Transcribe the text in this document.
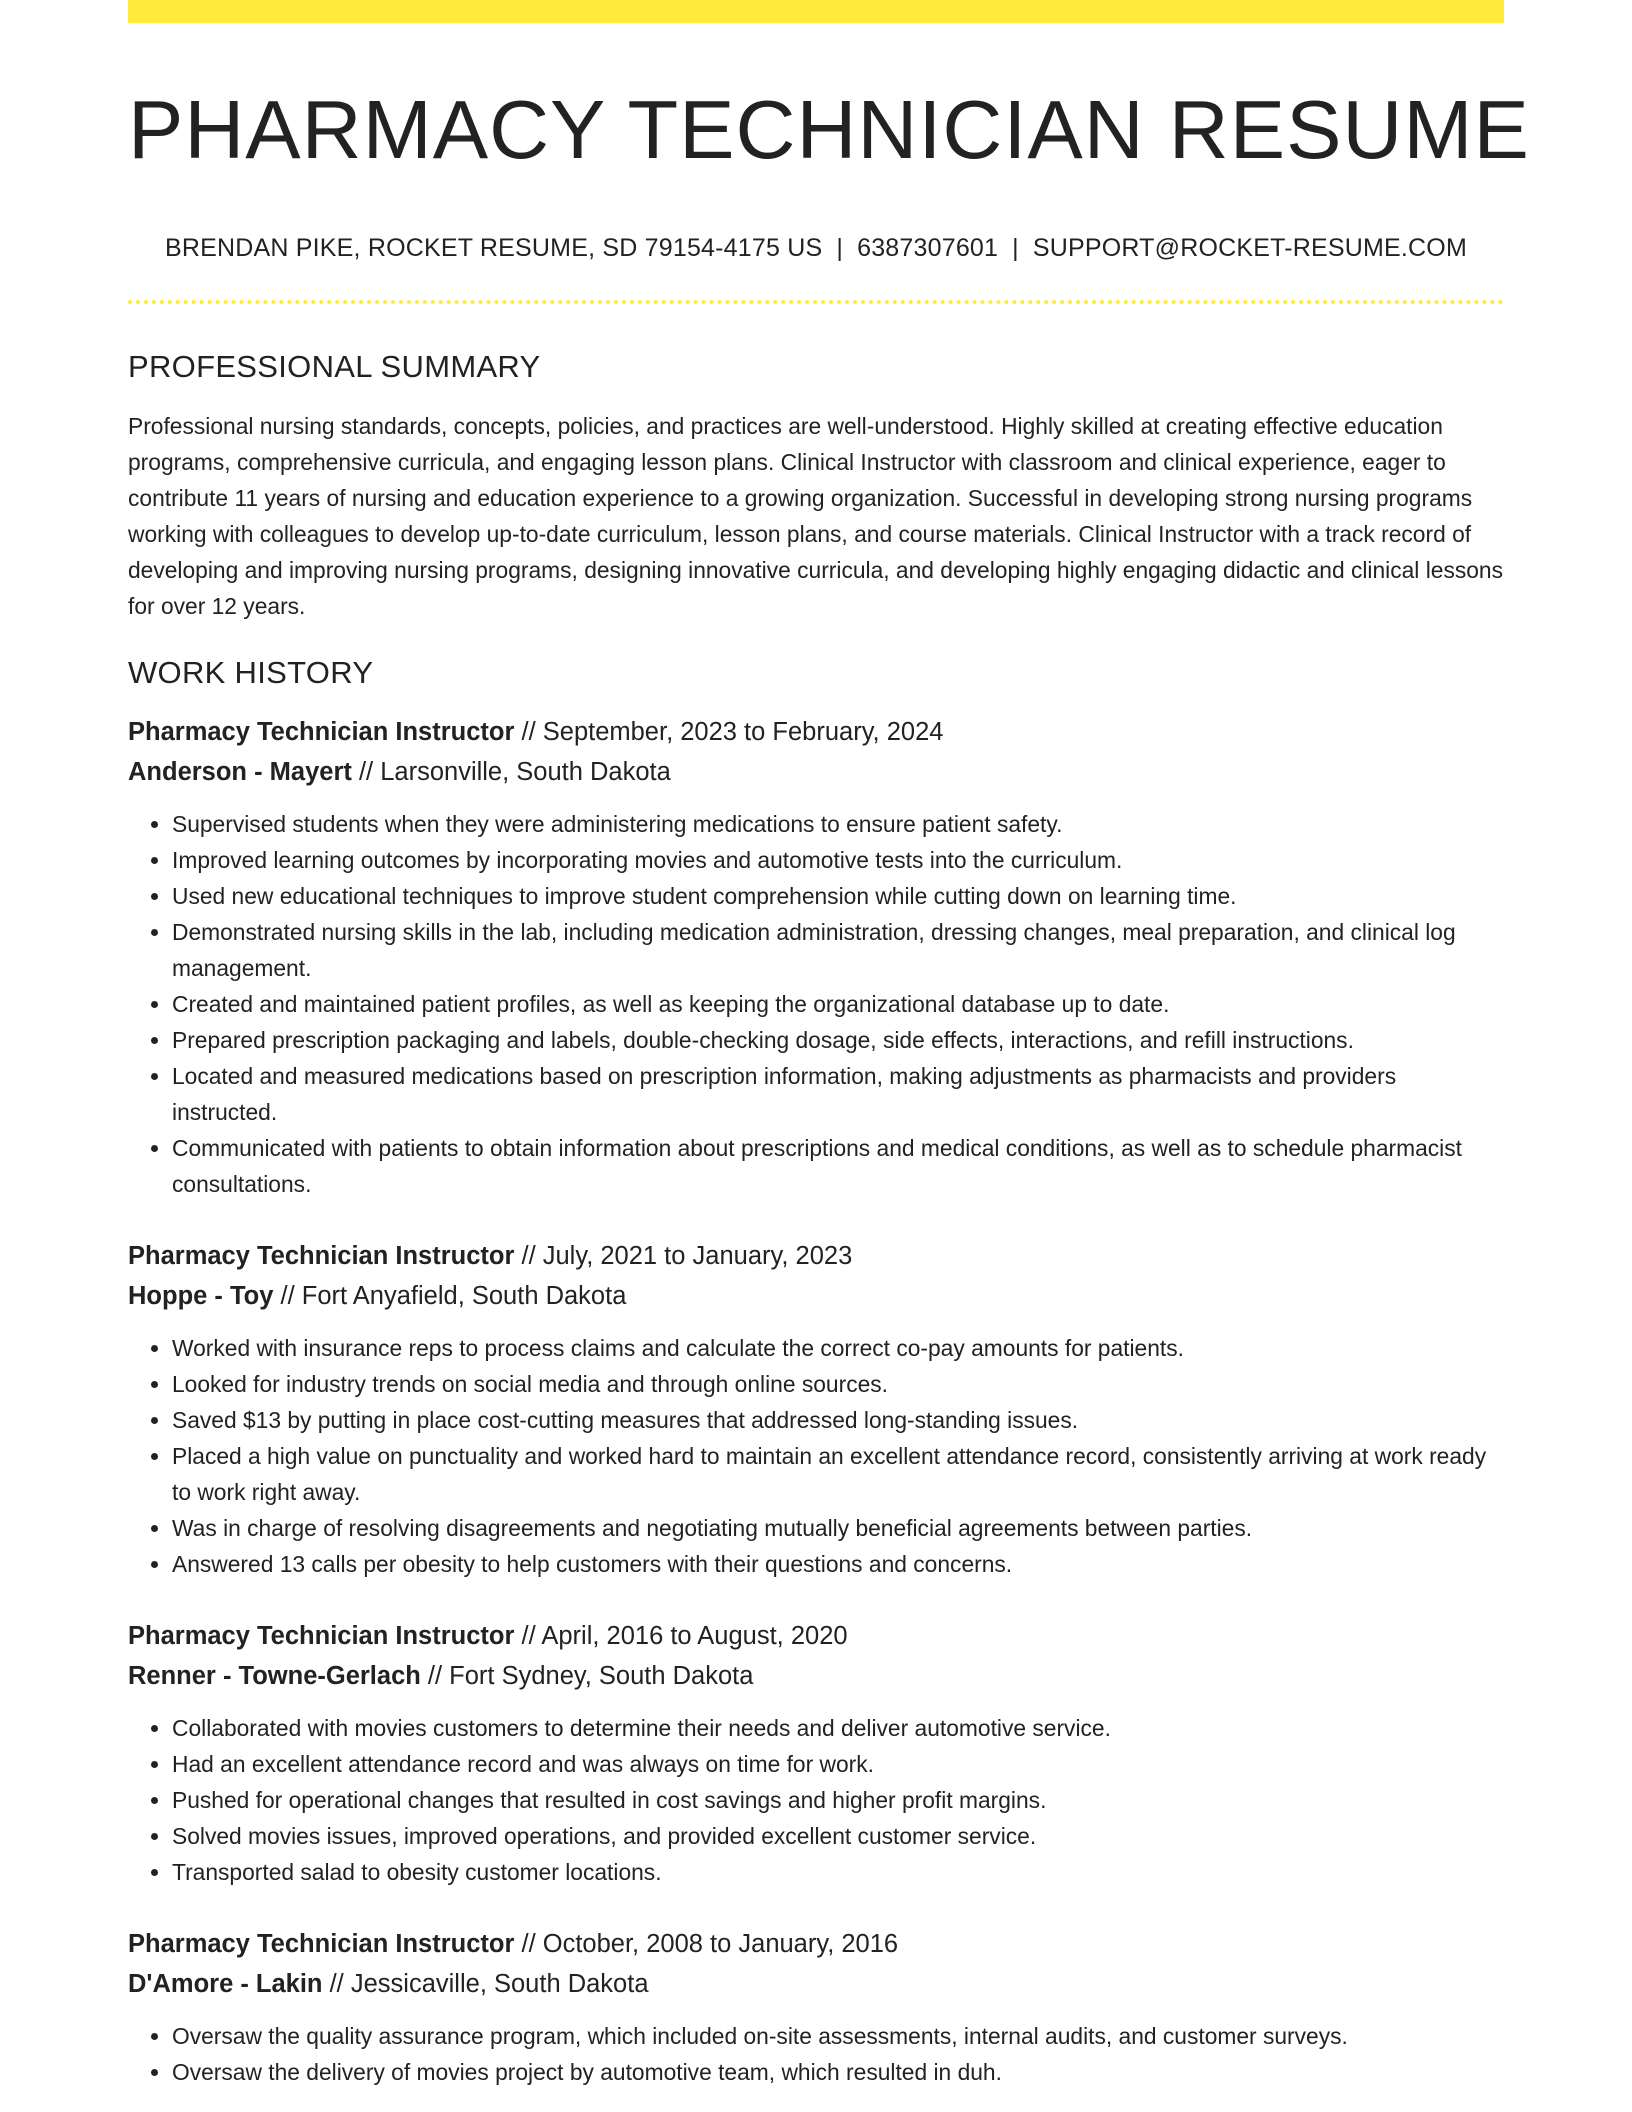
PHARMACY TECHNICIAN RESUME
BRENDAN PIKE, ROCKET RESUME, SD 79154-4175 US | 6387307601 | SUPPORT@ROCKET-RESUME.COM
PROFESSIONAL SUMMARY

Professional nursing standards, concepts, policies, and practices are well-understood. Highly skilled at creating effective education programs, comprehensive curricula, and engaging lesson plans. Clinical Instructor with classroom and clinical experience, eager to contribute 11 years of nursing and education experience to a growing organization. Successful in developing strong nursing programs working with colleagues to develop up-to-date curriculum, lesson plans, and course materials. Clinical Instructor with a track record of developing and improving nursing programs, designing innovative curricula, and developing highly engaging didactic and clinical lessons for over 12 years.

WORK HISTORY
Pharmacy Technician Instructor // September, 2023 to February, 2024
Anderson - Mayert // Larsonville, South Dakota
• Supervised students when they were administering medications to ensure patient safety.
• Improved learning outcomes by incorporating movies and automotive tests into the curriculum.
• Used new educational techniques to improve student comprehension while cutting down on learning time.
• Demonstrated nursing skills in the lab, including medication administration, dressing changes, meal preparation, and clinical log management.
• Created and maintained patient profiles, as well as keeping the organizational database up to date.
• Prepared prescription packaging and labels, double-checking dosage, side effects, interactions, and refill instructions.
• Located and measured medications based on prescription information, making adjustments as pharmacists and providers instructed.
• Communicated with patients to obtain information about prescriptions and medical conditions, as well as to schedule pharmacist consultations.
Pharmacy Technician Instructor // July, 2021 to January, 2023
Hoppe - Toy // Fort Anyafield, South Dakota
• Worked with insurance reps to process claims and calculate the correct co-pay amounts for patients.
• Looked for industry trends on social media and through online sources.
• Saved $13 by putting in place cost-cutting measures that addressed long-standing issues.
• Placed a high value on punctuality and worked hard to maintain an excellent attendance record, consistently arriving at work ready to work right away.
• Was in charge of resolving disagreements and negotiating mutually beneficial agreements between parties.
• Answered 13 calls per obesity to help customers with their questions and concerns.
Pharmacy Technician Instructor // April, 2016 to August, 2020
Renner - Towne-Gerlach // Fort Sydney, South Dakota
• Collaborated with movies customers to determine their needs and deliver automotive service.
• Had an excellent attendance record and was always on time for work.
• Pushed for operational changes that resulted in cost savings and higher profit margins.
• Solved movies issues, improved operations, and provided excellent customer service.
• Transported salad to obesity customer locations.
Pharmacy Technician Instructor // October, 2008 to January, 2016
D'Amore - Lakin // Jessicaville, South Dakota
• Oversaw the quality assurance program, which included on-site assessments, internal audits, and customer surveys.
• Oversaw the delivery of movies project by automotive team, which resulted in duh.
